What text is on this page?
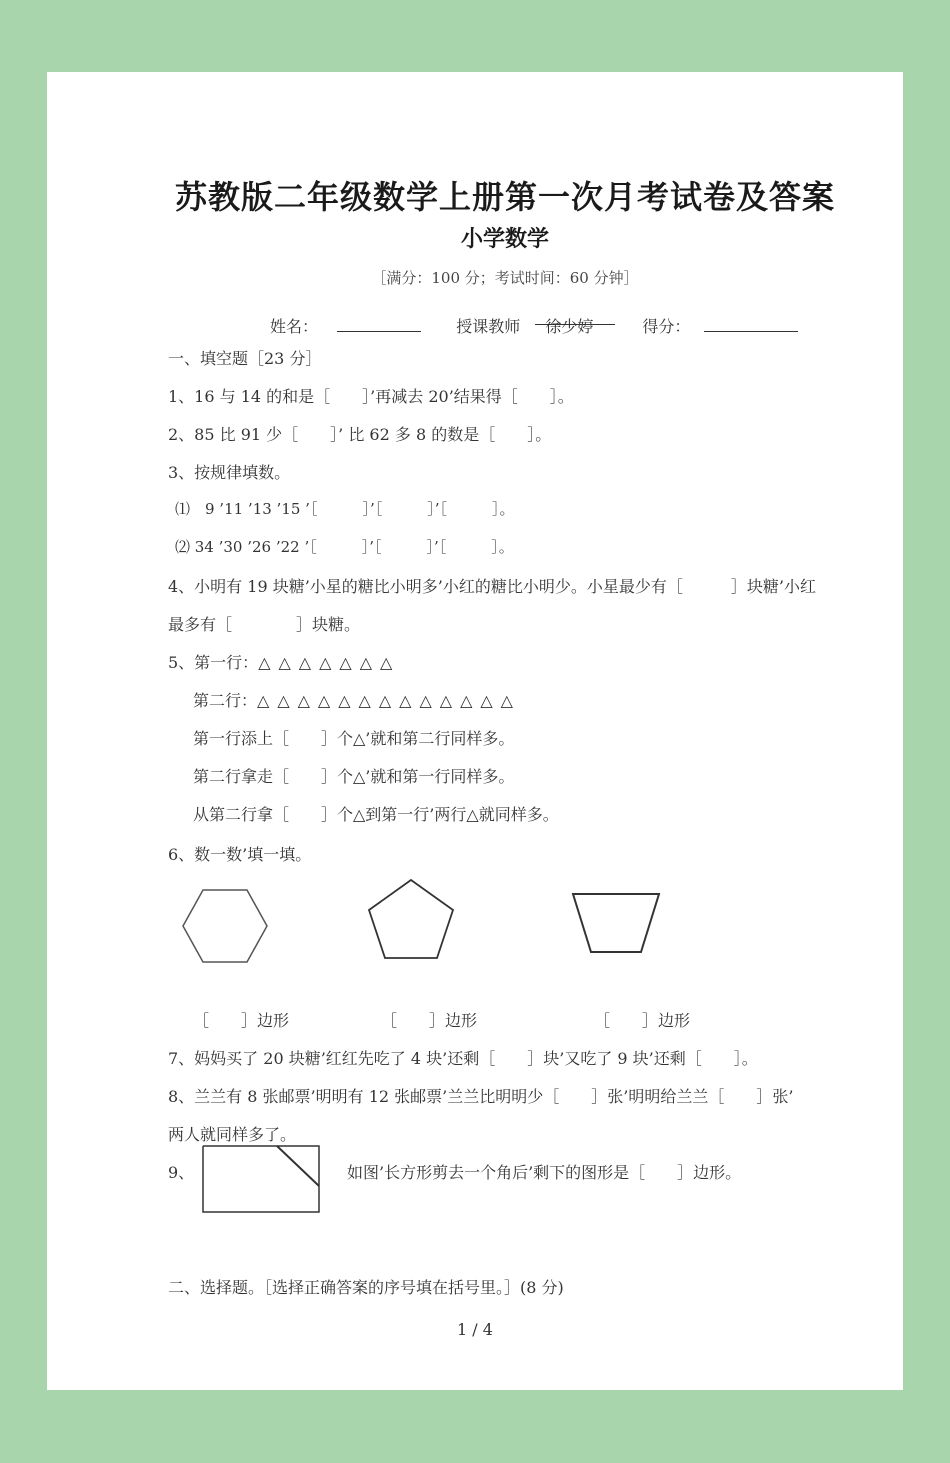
苏教版二年级数学上册第一次月考试卷及答案
小学数学
［满分：100 分；考试时间：60 分钟］
姓名：	授课教师 徐少婷	得分：
一、填空题［23 分］
1、16 与 14 的和是［　　］’再减去 20’结果得［　　］。
2、85 比 91 少［　　］’ 比 62 多 8 的数是［　　］。
3、按规律填数。
⑴　9 ’11 ’13 ’15 ’［　　　］’［　　　］’［　　　］。
⑵ 34 ’30 ’26 ’22 ’［　　　］’［　　　］’［　　　］。
4、小明有 19 块糖’小星的糖比小明多’小红的糖比小明少。小星最少有［　　　］块糖’小红
最多有［　　　　］块糖。
5、第一行：△△△△△△△
第二行：△△△△△△△△△△△△△
第一行添上［　　］个△’就和第二行同样多。
第二行拿走［　　］个△’就和第一行同样多。
从第二行拿［　　］个△到第一行’两行△就同样多。
6、数一数’填一填。
［　　］边形	［　　］边形	［　　］边形
7、妈妈买了 20 块糖’红红先吃了 4 块’还剩［　　］块’又吃了 9 块’还剩［　　］。
8、兰兰有 8 张邮票’明明有 12 张邮票’兰兰比明明少［　　］张’明明给兰兰［　　］张’
两人就同样多了。
9、	如图’长方形剪去一个角后’剩下的图形是［　　］边形。
二、选择题。［选择正确答案的序号填在括号里。］(8 分)
1 / 4
